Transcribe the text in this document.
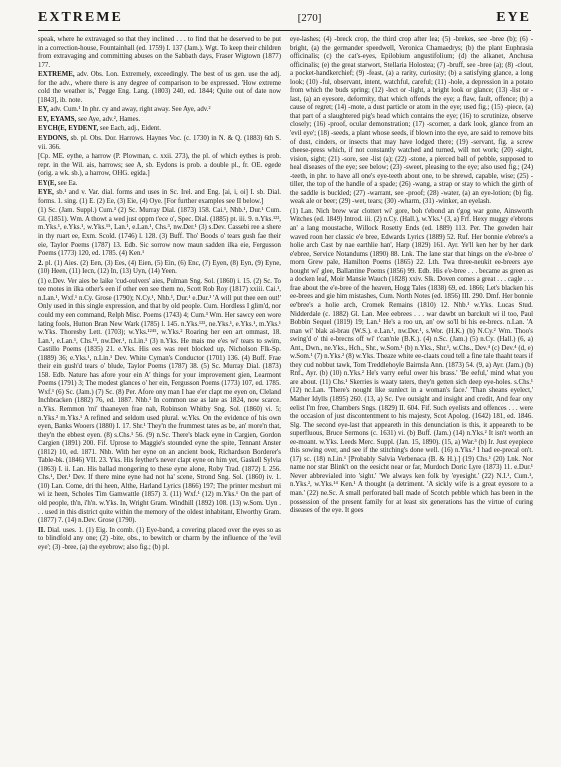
EXTREME	[270]	EYE

speak, where he extravaged so that they inclined . . . to find that he deserved to be put in a correction-house, Fountainhall (ed. 1759) I. 137 (Jam.). Wgt. To keep their children from extravaging and committing abuses on the Sabbath days, Fraser Wigtown (1877) 177.

EXTREME, adv. Obs. Lon. Extremely, exceedingly. The best of us gen. use the adj. for the adv., where there is any degree of comparison to be expressed. 'How extreme cold the weather is,' Pegge Eng. Lang. (1803) 240, ed. 1844; Quite out of date now [1843], ib. note.

EY, adv. Cum.¹ In phr. cy and away, right away. See Aye, adv.²

EY, EYAMS, see Aye, adv.², Hames.

EYCH(E, EYDENT, see Each, adj., Eident.

EYDONS, sb. pl. Obs. Dor. Harrows. Haynes Voc. (c. 1730) in N. & Q. (1883) 6th S. vii. 366.

[Cp. ME. eythe, a harrow (P. Plowman, c. xxii. 273), the pl. of which eythes is prob. repr. in the Wil. ais, harrows; see A, sb. Eydons is prob. a double pl., fr. OE. egede (orig. a wk. sb.), a harrow, OHG. egida.]

EY(E, see Ea.

EYE, sb.¹ and v. Var. dial. forms and uses in Sc. Irel. and Eng. [ai, i, oi] I. sb. Dial. forms. 1. sing. (1) E. (2) Ee, (3) Eie, (4) Oye. [For further examples see II below.]

(1) Sc. (Jam. Suppl.) Cum.³ (2) Sc. Murray Dial. (1873) 158. Cai.¹, Nhb.¹, Dur.¹ Cum. Gl. (1851). Wm. A thowt a wed just oppm t'ece o', Spec. Dial. (1885) pt. iii. 9. n.Yks.¹²³, m.Yks.¹, e.Yks.¹, w.Yks.¹⁵, Lan.¹, e.Lan.¹, Chs.³, nw.Der.¹ (3) s.Dev. Cassebi ree a shere in thy ruart ee, Exm. Scold. (1746) l. 128. (3) Buff. Tho' Boods o' tears gush fae their eie, Taylor Poems (1787) 13. Edb. Sic sorrow now maun sadden ilka eie, Fergusson Poems (1773) 120, ed. 1785. (4) Ken.¹

2. pl. (1) Aies. (2) Een, (3) Ees, (4) Eien, (5) Ein, (6) Enc, (7) Eyen, (8) Eyn, (9) Eyne, (10) Heen, (11) Iecn, (12) In, (13) Uyn, (14) Yeen.

(1) e.Dev. Ver aies be laike 'cud-oulvers' aies, Pulman Sng. Sol. (1860) i. 15. (2) Sc. To tee motes in ilka other's een if other een see them no, Scott Rob Roy (1817) xxiii. Cai.¹, n.Lan.¹, Wxf.¹ n.Cy. Grose (1790); N.Cy.¹, Nhb.¹, Dur.¹ e.Dur.¹ 'A will put thee een out!' Only used in this single expression, and that by old people. Cum. Hordless I glim'd, nor could my een command, Relph Misc. Poems (1743) 4; Cum.³ Wm. Her sawcy een wore lating fools, Hutton Bran New Wark (1785) l. 145. n.Yks.¹²³, ne.Yks.¹, e.Yks.¹, m.Yks.¹ w.Yks. Thoresby Lett. (1703); w.Yks.¹²⁴⁵, w.Yks.² Roaring her een art ommast, 18. Lan.¹, e.Lan.¹, Chs.¹³, nw.Der.¹, n.Lin.¹ (3) n.Yks. He mais me e'es wi' tears to swim, Castillo Poems (1835) 21. e.Yks. His ees was reet blocked up, Nicholson Flk-Sp. (1889) 36; e.Yks.¹, n.Lin.¹ Dev. White Cyman's Conductor (1701) 136. (4) Buff. Frae their ein gush'd tears o' blude, Taylor Poems (1787) 38. (5) Sc. Murray Dial. (1873) 158. Edb. Nature has afore your ein A' things for your improvement gien, Learmont Poems (1791) 3; The modest glances o' her ein, Fergusson Poems (1773) 107, ed. 1785. Wxf.¹ (6) Sc. (Jam.) (7) Sc. (8) Per. Afore ony man I hae e'er clapt me eyen on, Cleland Inchbracken (1882) 76, ed. 1887. Nhb.¹ In common use as late as 1824, now scarce. n.Yks. Remmon 'mi' thaaneyen frae nah, Robinson Whitby Sng. Sol. (1860) vi. 5; n.Yks.² m.Yks.¹ A refined and seldom used plural. w.Yks. On the evidence of his own eyen, Banks Wooers (1880) I. 17. Shr.¹ They'n the frummest tates as be, an' more'n that, they'n the ebbest eyen. (8) s.Chs.¹ 56. (9) n.Sc. There's black eyne in Cargien, Gordon Cargien (1891) 200. Fif. Uprose to Maggie's stounded eyne the spite, Tennant Anster (1812) 10, ed. 1871. Nhb. With her eyne on an ancient book, Richardson Borderer's Table-bk. (1846) VII. 23. Yks. His feyther's never clapt eyne on him yet, Gaskell Sylvia (1863) I. ii. Lan. His ballad mongering to these eyne alone, Roby Trad. (1872) I. 256. Chs.¹, Der.¹ Dev. If there mine eyne had not ha' scene, Strond Sng. Sol. (1860) iv. 1. (10) Lan. Come, dri thi heen, Althe, Harland Lyrics (1866) 197; The printer mcshurt mi wi iz heen, Scholes Tim Gamwattle (1857) 3. (11) Wxf.¹ (12) m.Yks.¹ On the part of old people, th'n, i'h'n. w.Yks. In, Wright Gram. Windhill (1892) 108. (13) w.Som. Uyn . . . used in this district quite within the memory of the oldest inhabitant, Elworthy Gram. (1877) 7. (14) n.Dev. Grose (1790).

II. Dial. uses. 1. (1) Eig. In comb. (1) Eye-band, a covering placed over the eyes so as to blindfold any one; (2) -bite, obs., to bewitch or charm by the influence of the 'evil eye'; (3) -bree, (a) the eyebrow; also fig.; (b) pl.

eye-lashes; (4) -breck crop, the third crop after lea; (5) -brekes, see -bree (b); (6) -bright, (a) the germander speedwell, Veronica Chamaedrys; (b) the plant Euphrasia officinalis; (c) the cat's-eyes, Epilobium angustifolium; (d) the alkanet, Anchusa officinalis; (e) the great starwort, Stellaria Holostea; (7) -bruff, see -bree (a); (8) -clout, a pocket-handkerchief; (9) -feast, (a) a rarity, curiosity; (b) a satisfying glance, a long look; (10) -ful, observant, intent, watchful, careful; (11) -hole, a depression in a potato from which the buds spring; (12) -lect or -light, a bright look or glance; (13) -list or -last, (a) an eyesore, deformity, that which offends the eye; a flaw, fault, offence; (b) a cause of regret; (14) -mote, a dust particle or atom in the eye; used fig.; (15) -piece, (a) that part of a slaughtered pig's head which contains the eye; (16) to scrutinize, observe closely; (16) -proof, ocular demonstration; (17) -scorner, a dark look, glance from an 'evil eye'; (18) -seeds, a plant whose seeds, if blown into the eye, are said to remove bits of dust, cinders, or insects that may have lodged there; (19) -servant, fig. a screw cheese-press which, if not constantly watched and turned, will not work; (20) -sight, vision, sight; (21) -sore, see -list (a); (22) -stone, a pierced ball of pebble, supposed to heal diseases of the eye; see below; (23) -sweet, pleasing to the eye; also used fig.; (24) -teeth, in phr. to have all one's eye-teeth about one, to be shrewd, capable, wise; (25) -tiller, the top of the handle of a spade; (26) -wang, a strap or stay to which the girth of the saddle is buckled; (27) -warrant, see -proof; (28) -water, (a) an eye-lotion; (b) fig. weak ale or beer; (29) -wet, tears; (30) -wharm, (31) -winker, an eyelash.

(1) Lan. Nich brew war clottert wi' gore, boh t'ebond an t'gog war gone, Ainsworth Witches (ed. 1849) Introd. iii. (2) n.Cy. (Hall.), w.Yks.¹ (3, a) Frf. Hexy muggy e'ebrons an' a lang moustache, Willock Rosetty Ends (ed. 1889) 113. Per. The gowden hair waved roon her classic e'e bree, Edwards Lyrics (1889) 52. Ruf. Her bonnie e'ebree's a holie arch Cast by nae earthlie han', Harp (1829) 161. Ayr. Ye'll ken her by her dark e'ebree, Service Notandums (1890) 88. Lnk. The lane star that hings on the e'e-bree o' morn Grew pale, Hamilton Poems (1865) 22. Lth. Twa three-neukit ee-breers aye hought wi' glee, Ballantine Poems (1856) 99. Edb. His e'e-bree . . . became as green as a docken leaf, Moir Mansie Wauch (1828) xxiv. Slk. Doven comes a great . . . cagle . . . frae about the e'e-bree of the heaven, Hogg Tales (1838) 69, ed. 1866; Let's blacken his ee-brees and gie him mistashes, Cum. North Notes (ed. 1856) III. 290. Dmf. Her bonnie ee'bree's a holie arch, Cromek Remains (1810) 12. Nhb.¹ w.Yks. Lucas Stud. Nidderdale (c. 1882) Gl. Lan. Mee eebrees . . . war dawbt un barckult wi il too, Paul Bobbin Sequel (1819) 19; Lan.¹ He's a roo un, an' ow so'll bi his ee-brecs. n.Lan. 'A man wi' blak ai-brau (W.S.). e.Lan.¹, nw.Der.¹, s.Wor. (H.K.) (b) N.Cy.² Wm. Thoo's swing'd o' thi e-brecns off wi' t'can'nle (B.K.). (4) n.Sc. (Jam.) (5) n.Cy. (Hall.) (6, a) Ant., Dwn., ne.Yks., Hch., Shr., w.Som.¹ (b) n.Yks., Shr.¹, w.Chs., Dev.⁴ (c) Dev.⁴ (d, e) w.Som.¹ (7) n.Yks.² (8) w.Yks. Theaze white ee-claats coud tell a fine tale thaaht tears if they cud nobbut tawk, Tom Treddlehoyle Bairnsla Ann. (1873) 54. (9, a) Ayr. (Jam.) (b) Rnf., Ayr. (b) (10) n.Yks.² He's varry eeful ower his brass.' 'Be eeful,' mind what you are about. (11) Chs.¹ Skerries is waaty taters, they'n getten sich deep eye-holes. s.Chs.¹ (12) nc.Lan. 'There's nought like sunlect in a woman's face.' 'Than sheans eyelect,' Mather Idylls (1895) 260. (13, a) Sc. I've outsight and insight and credit, And fear ony eelist I'm free, Chambers Sngs. (1829) II. 604. Fif. Such eyelists and offences . . . were the occasion of just discontentment to his majesty, Scot Apolog. (1642) 181, ed. 1846. Slg. The second eye-last that appeareth in this denunciation is this, it appeareth to be superfluous, Bruce Sermons (c. 1631) vi. (b) Buff. (Jam.) (14) n.Yks.² It isn't worth an ee-moant. w.Yks. Leeds Merc. Suppl. (Jan. 15, 1890). (15, a) War.³ (b) Ir. Just eyepiece this sowing over, and see if the stitching's done well. (16) n.Yks.² I had ee-precal on't. (17) sc. (18) n.Lin.¹ [Probably Salvia Verbenaca (B. & H.).] (19) Chs.¹ (20) Lnk. Nor name nor star Blink't on the eesicht near or far, Murdoch Doric Lyre (1873) 11. e.Dur.¹ Never abbrevialed into 'sight.' 'We always ken folk by 'eyesight.' (22) N.I.¹, Cum.¹, n.Yks.², w.Yks.¹⁴ Ken.¹ A thought (a detriment. 'A sickly wife is a great eyesore to a man.' (22) ne.Sc. A small perforated ball made of Scotch pebble which has been in the possession of the present family for at least six generations has the virtue of curing diseases of the eye. It goes
